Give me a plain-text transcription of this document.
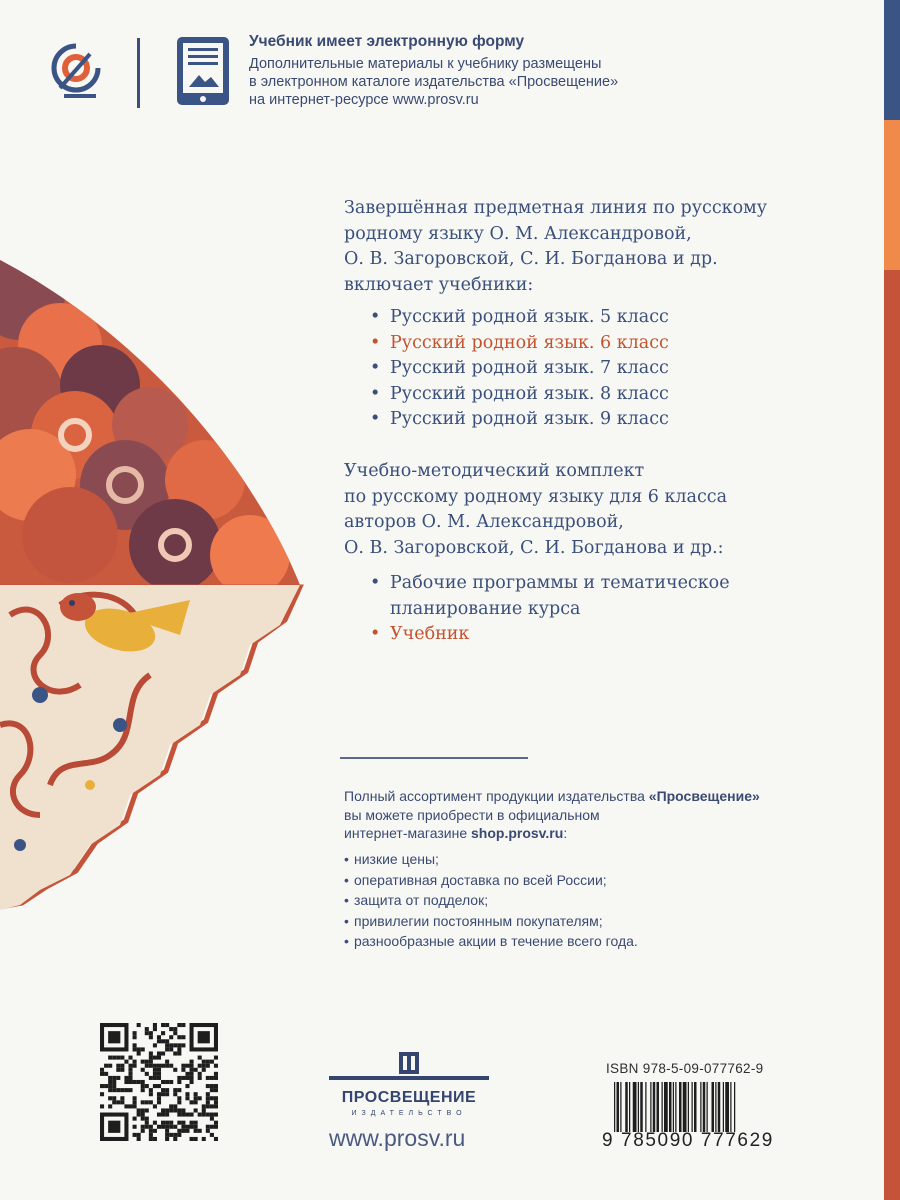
Учебник имеет электронную форму
Дополнительные материалы к учебнику размещены
в электронном каталоге издательства «Просвещение»
на интернет-ресурсе www.prosv.ru
Завершённая предметная линия по русскому
родному языку О. М. Александровой,
О. В. Загоровской, С. И. Богданова и др.
включает учебники:
• Русский родной язык. 5 класс
• Русский родной язык. 6 класс
• Русский родной язык. 7 класс
• Русский родной язык. 8 класс
• Русский родной язык. 9 класс
Учебно-методический комплект
по русскому родному языку для 6 класса
авторов О. М. Александровой,
О. В. Загоровской, С. И. Богданова и др.:
• Рабочие программы и тематическое
планирование курса
• Учебник
Полный ассортимент продукции издательства «Просвещение»
вы можете приобрести в официальном
интернет-магазине shop.prosv.ru:
• низкие цены;
• оперативная доставка по всей России;
• защита от подделок;
• привилегии постоянным покупателям;
• разнообразные акции в течение всего года.
ПРОСВЕЩЕНИЕ
ИЗДАТЕЛЬСТВО
www.prosv.ru
ISBN 978-5-09-077762-9
9 785090 777629
